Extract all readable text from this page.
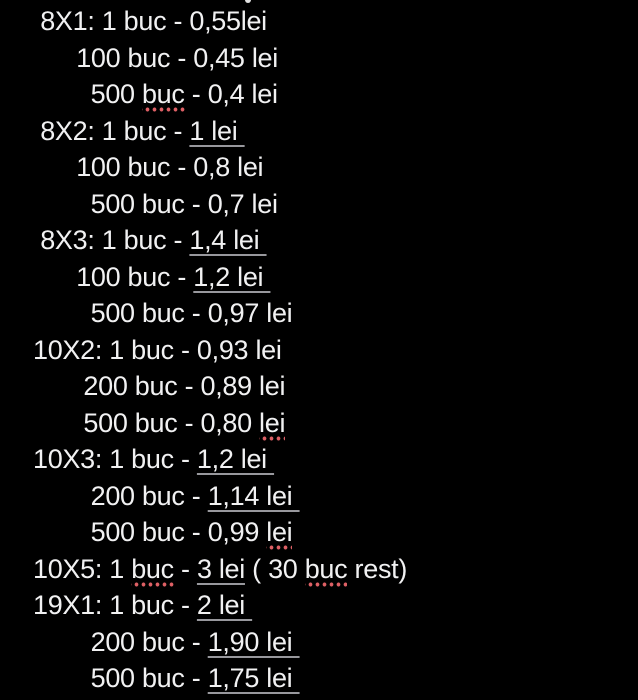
8X1: 1 buc - 0,55lei
100 buc - 0,45 lei
500 buc - 0,4 lei
8X2: 1 buc - 1 lei
100 buc - 0,8 lei
500 buc - 0,7 lei
8X3: 1 buc - 1,4 lei
100 buc - 1,2 lei
500 buc - 0,97 lei
10X2: 1 buc - 0,93 lei
200 buc - 0,89 lei
500 buc - 0,80 lei
10X3: 1 buc - 1,2 lei
200 buc - 1,14 lei
500 buc - 0,99 lei
10X5: 1 buc - 3 lei ( 30 buc rest)
19X1: 1 buc - 2 lei
200 buc - 1,90 lei
500 buc - 1,75 lei
